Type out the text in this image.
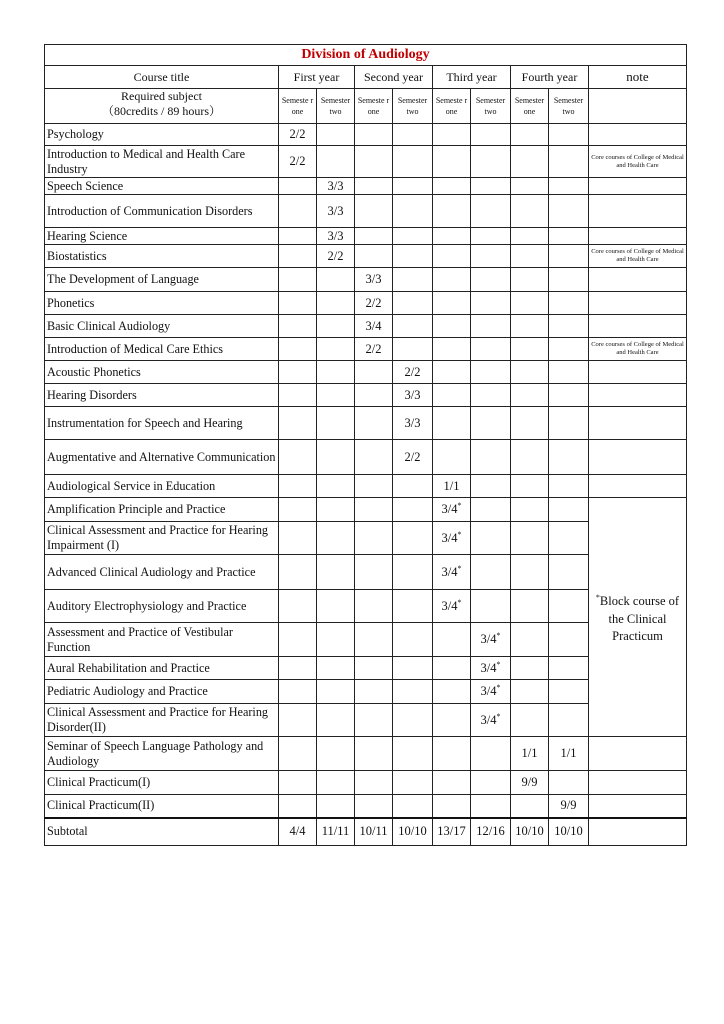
Division of Audiology									
Course title	First year		Second year		Third year		Fourth year		note

Required subject
（80credits / 89 hours）	Semeste r one	Semester two	Semeste r one	Semester two	Semeste r one	Semester two	Semester one	Semester two	
Psychology	2/2								
Introduction to Medical and Health Care Industry	2/2								Core courses of College of Medical and Health Care
Speech Science		3/3							
Introduction of Communication Disorders		3/3							
Hearing Science		3/3							
Biostatistics		2/2							Core courses of College of Medical and Health Care
The Development of Language			3/3						
Phonetics			2/2						
Basic Clinical Audiology			3/4						
Introduction of Medical Care Ethics			2/2						Core courses of College of Medical and Health Care
Acoustic Phonetics				2/2					
Hearing Disorders				3/3					
Instrumentation for Speech and Hearing				3/3					
Augmentative and Alternative Communication				2/2					
Audiological Service in Education					1/1				
Amplification Principle and Practice					3/4*				*Block course of the Clinical Practicum
Clinical Assessment and Practice for Hearing Impairment (I)					3/4*			
Advanced Clinical Audiology and Practice					3/4*			
Auditory Electrophysiology and Practice					3/4*			
Assessment and Practice of Vestibular Function						3/4*		
Aural Rehabilitation and Practice						3/4*		
Pediatric Audiology and Practice						3/4*		
Clinical Assessment and Practice for Hearing Disorder(II)						3/4*		
Seminar of Speech Language Pathology and Audiology							1/1	1/1	
Clinical Practicum(I)							9/9		
Clinical Practicum(II)								9/9	
Subtotal	4/4	11/11	10/11	10/10	13/17	12/16	10/10	10/10	
